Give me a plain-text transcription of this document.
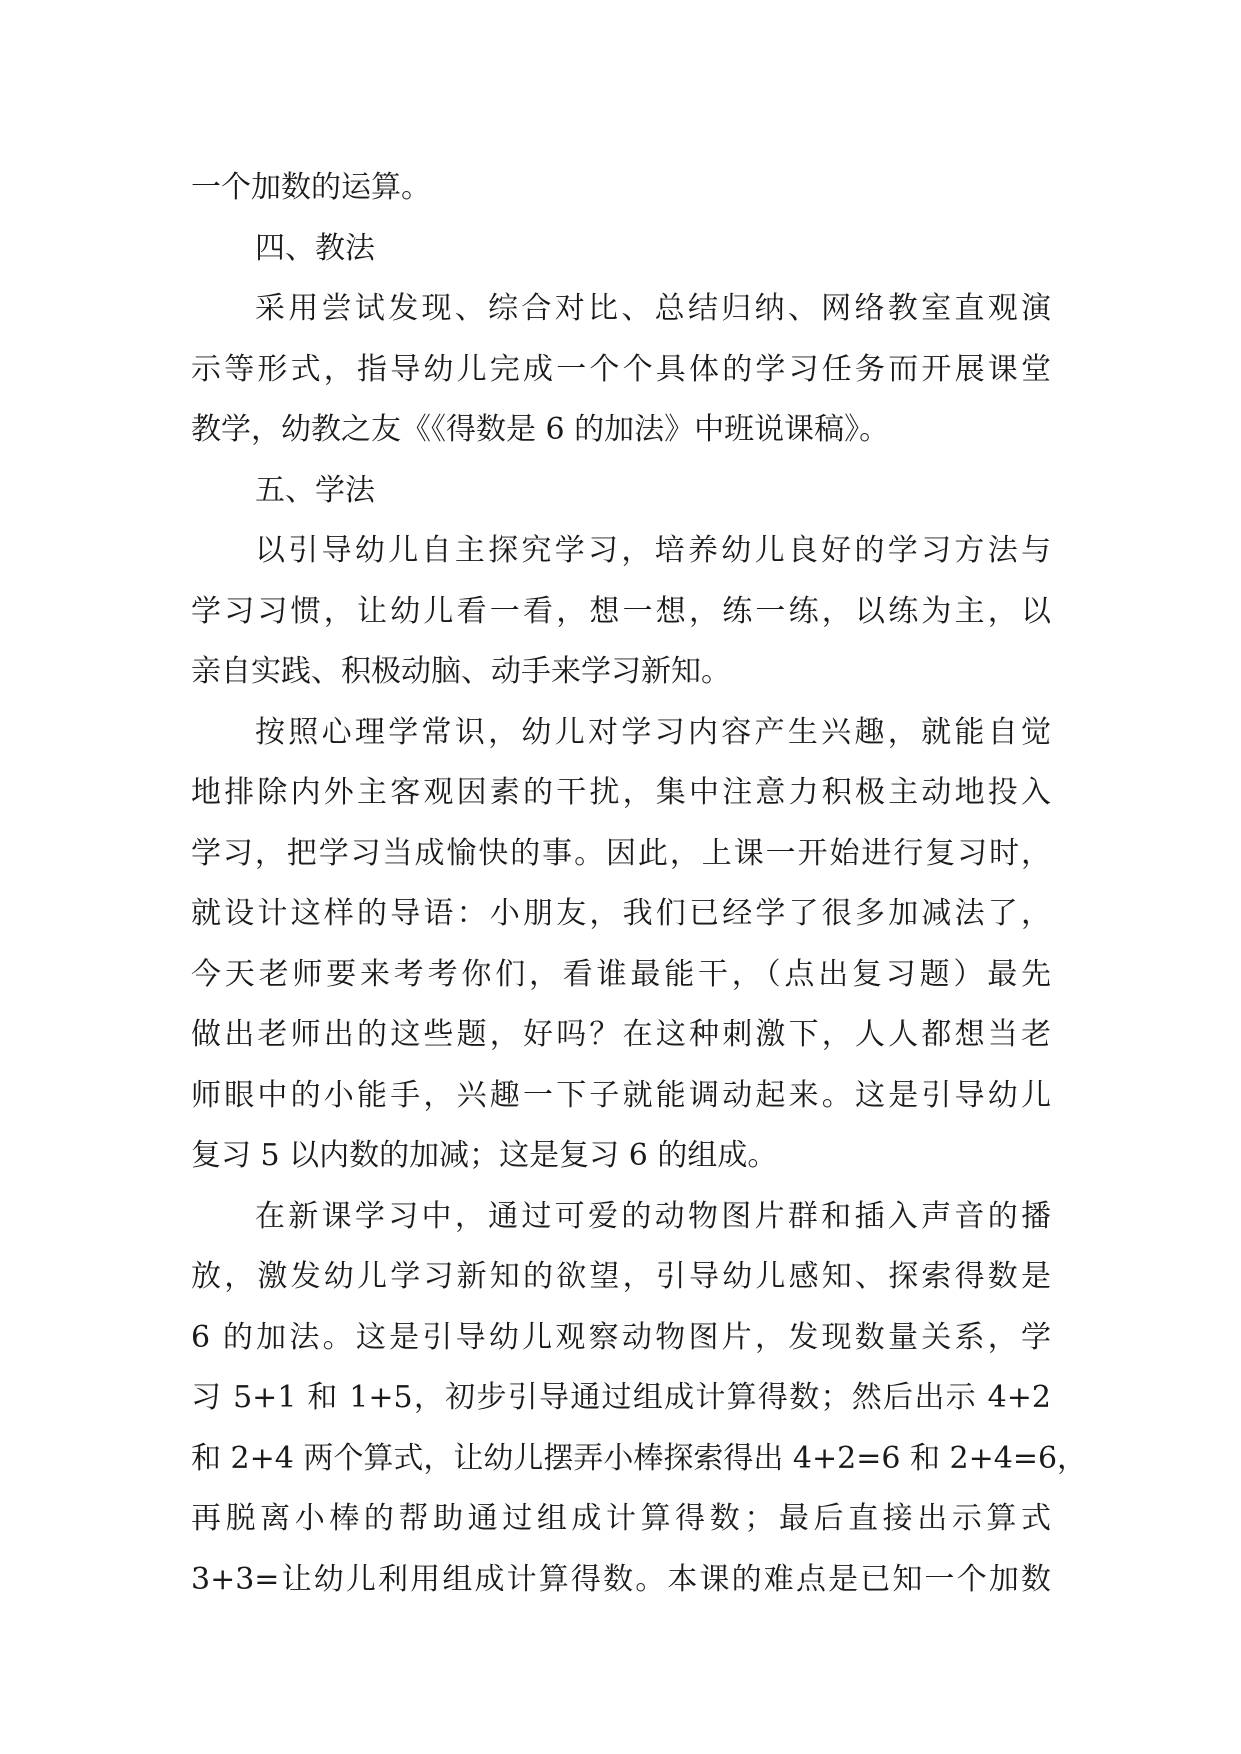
一个加数的运算。
四、教法
采用尝试发现、综合对比、总结归纳、网络教室直观演
示等形式，指导幼儿完成一个个具体的学习任务而开展课堂
教学，幼教之友《《得数是 6 的加法》中班说课稿》。
五、学法
以引导幼儿自主探究学习，培养幼儿良好的学习方法与
学习习惯，让幼儿看一看，想一想，练一练，以练为主，以
亲自实践、积极动脑、动手来学习新知。
按照心理学常识，幼儿对学习内容产生兴趣，就能自觉
地排除内外主客观因素的干扰，集中注意力积极主动地投入
学习，把学习当成愉快的事。因此，上课一开始进行复习时，
就设计这样的导语：小朋友，我们已经学了很多加减法了，
今天老师要来考考你们，看谁最能干，（点出复习题）最先
做出老师出的这些题，好吗？在这种刺激下，人人都想当老
师眼中的小能手，兴趣一下子就能调动起来。这是引导幼儿
复习 5 以内数的加减；这是复习 6 的组成。
在新课学习中，通过可爱的动物图片群和插入声音的播
放，激发幼儿学习新知的欲望，引导幼儿感知、探索得数是
6 的加法。这是引导幼儿观察动物图片，发现数量关系，学
习 5+1 和 1+5，初步引导通过组成计算得数；然后出示 4+2
和 2+4 两个算式，让幼儿摆弄小棒探索得出 4+2=6 和 2+4=6，
再脱离小棒的帮助通过组成计算得数；最后直接出示算式
3+3=让幼儿利用组成计算得数。本课的难点是已知一个加数
